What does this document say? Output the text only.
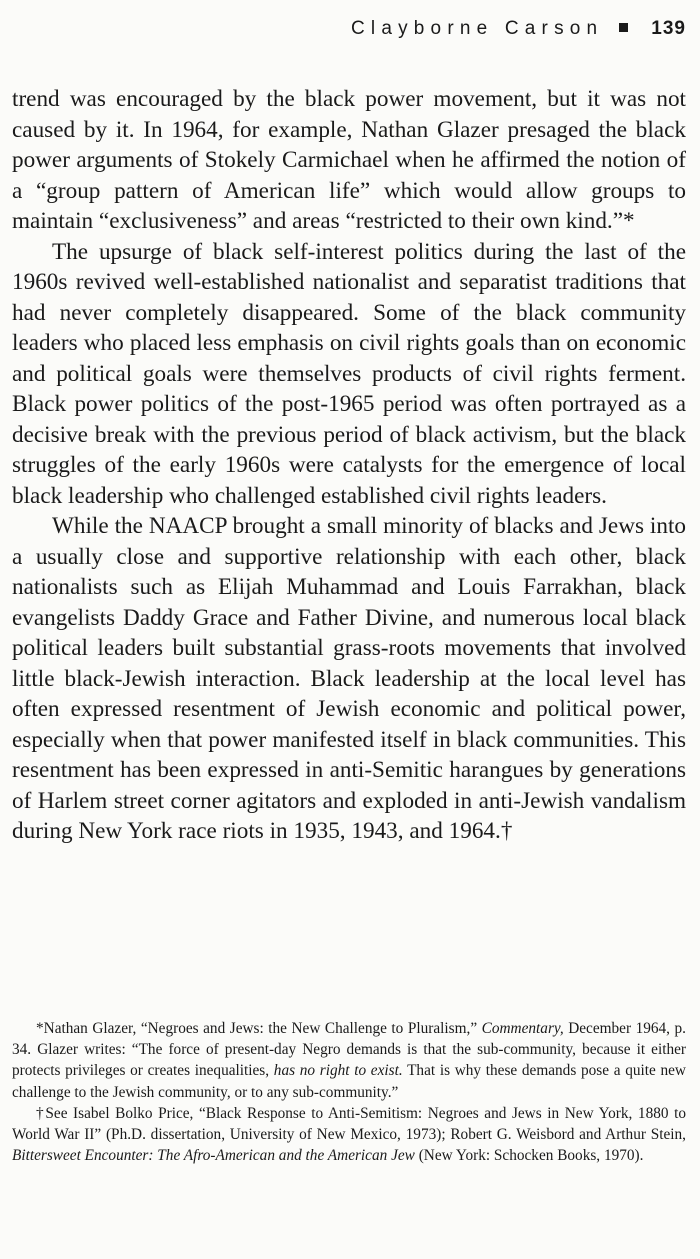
Clayborne Carson	139

trend was encouraged by the black power movement, but it was not caused by it. In 1964, for example, Nathan Glazer presaged the black power arguments of Stokely Carmichael when he affirmed the notion of a “group pattern of American life” which would allow groups to maintain “exclusiveness” and areas “restricted to their own kind.”*

The upsurge of black self-interest politics during the last of the 1960s revived well-established nationalist and separatist traditions that had never completely disappeared. Some of the black community leaders who placed less emphasis on civil rights goals than on economic and political goals were themselves products of civil rights ferment. Black power politics of the post-1965 period was often portrayed as a decisive break with the previous period of black activism, but the black struggles of the early 1960s were catalysts for the emergence of local black leadership who challenged established civil rights leaders.

While the NAACP brought a small minority of blacks and Jews into a usually close and supportive relationship with each other, black nationalists such as Elijah Muhammad and Louis Farrakhan, black evangelists Daddy Grace and Father Divine, and numerous local black political leaders built substantial grass-roots movements that involved little black-Jewish interaction. Black leadership at the local level has often expressed resentment of Jewish economic and political power, especially when that power manifested itself in black communities. This resentment has been expressed in anti-Semitic harangues by generations of Harlem street corner agitators and exploded in anti-Jewish vandalism during New York race riots in 1935, 1943, and 1964.†

*Nathan Glazer, “Negroes and Jews: the New Challenge to Pluralism,” Commentary, December 1964, p. 34. Glazer writes: “The force of present-day Negro demands is that the sub-community, because it either protects privileges or creates inequalities, has no right to exist. That is why these demands pose a quite new challenge to the Jewish community, or to any sub-community.”

†See Isabel Bolko Price, “Black Response to Anti-Semitism: Negroes and Jews in New York, 1880 to World War II” (Ph.D. dissertation, University of New Mexico, 1973); Robert G. Weisbord and Arthur Stein, Bittersweet Encounter: The Afro-American and the American Jew (New York: Schocken Books, 1970).
